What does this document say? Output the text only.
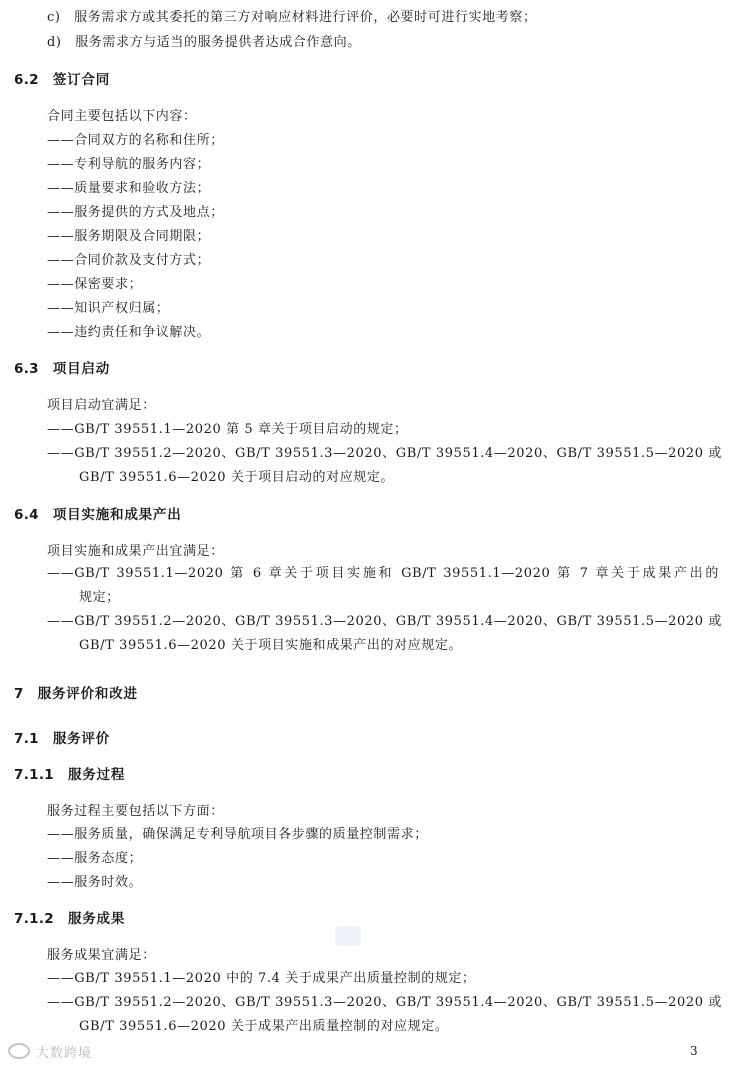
c)　服务需求方或其委托的第三方对响应材料进行评价，必要时可进行实地考察；
d)　服务需求方与适当的服务提供者达成合作意向。
6.2 签订合同
合同主要包括以下内容：
——合同双方的名称和住所；
——专利导航的服务内容；
——质量要求和验收方法；
——服务提供的方式及地点；
——服务期限及合同期限；
——合同价款及支付方式；
——保密要求；
——知识产权归属；
——违约责任和争议解决。
6.3 项目启动
项目启动宜满足：
——GB/T 39551.1—2020 第 5 章关于项目启动的规定；
——GB/T 39551.2—2020、GB/T 39551.3—2020、GB/T 39551.4—2020、GB/T 39551.5—2020 或
GB/T 39551.6—2020 关于项目启动的对应规定。
6.4 项目实施和成果产出
项目实施和成果产出宜满足：
——GB/T 39551.1—2020 第 6 章关于项目实施和 GB/T 39551.1—2020 第 7 章关于成果产出的
规定；
——GB/T 39551.2—2020、GB/T 39551.3—2020、GB/T 39551.4—2020、GB/T 39551.5—2020 或
GB/T 39551.6—2020 关于项目实施和成果产出的对应规定。
7 服务评价和改进
7.1 服务评价
7.1.1 服务过程
服务过程主要包括以下方面：
——服务质量，确保满足专利导航项目各步骤的质量控制需求；
——服务态度；
——服务时效。
7.1.2 服务成果
服务成果宜满足：
——GB/T 39551.1—2020 中的 7.4 关于成果产出质量控制的规定；
——GB/T 39551.2—2020、GB/T 39551.3—2020、GB/T 39551.4—2020、GB/T 39551.5—2020 或
GB/T 39551.6—2020 关于成果产出质量控制的对应规定。
大数跨境	3
